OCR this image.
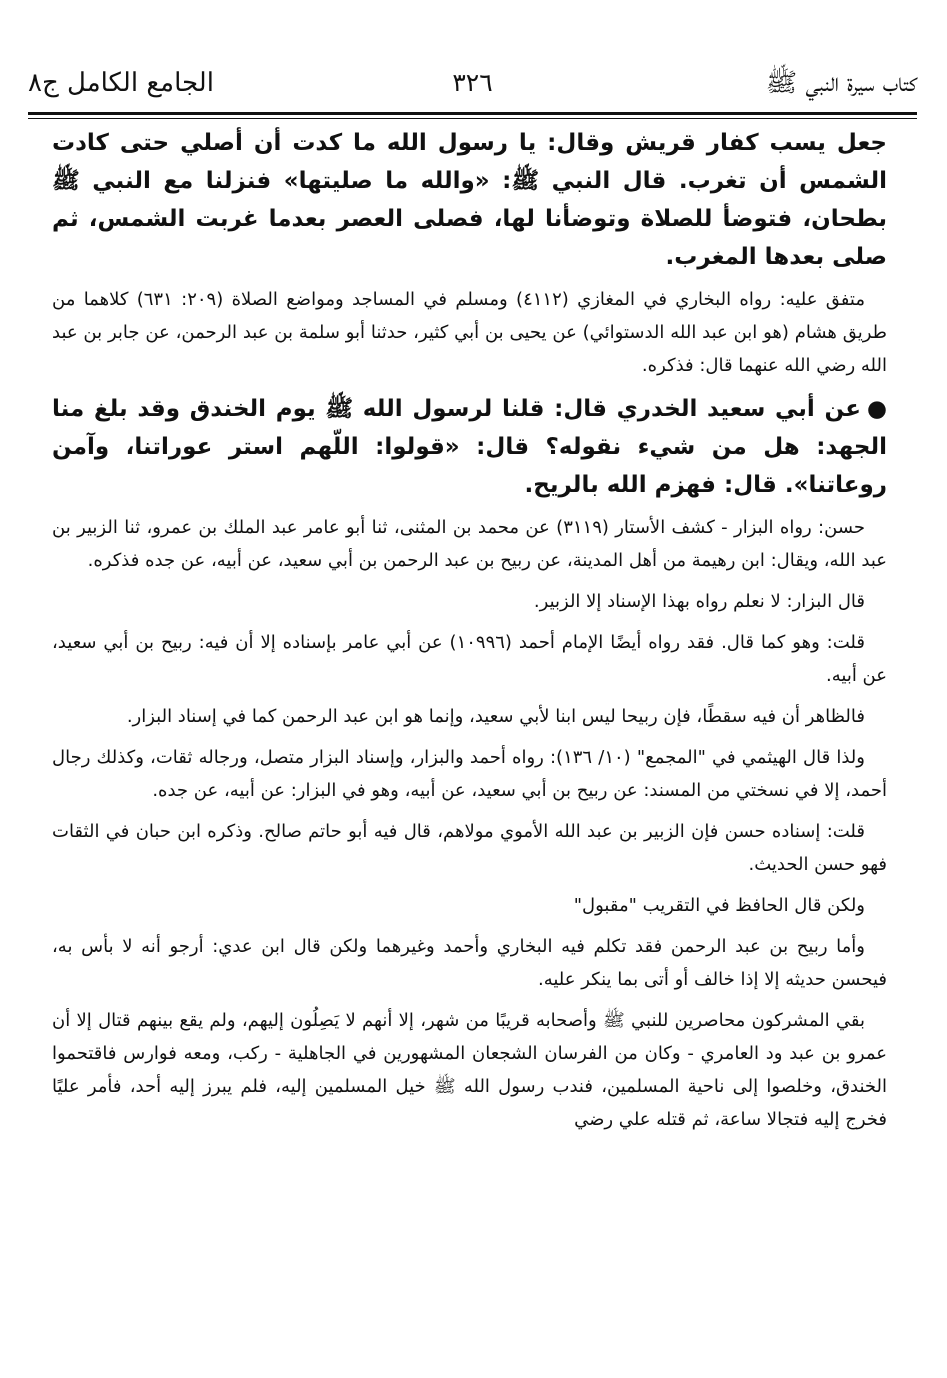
كتاب سيرة النبي ﷺ
٣٢٦
الجامع الكامل ج٨

جعل يسب كفار قريش وقال: يا رسول الله ما كدت أن أصلي حتى كادت الشمس أن تغرب. قال النبي ﷺ: «والله ما صليتها» فنزلنا مع النبي ﷺ بطحان، فتوضأ للصلاة وتوضأنا لها، فصلى العصر بعدما غربت الشمس، ثم صلى بعدها المغرب.

متفق عليه: رواه البخاري في المغازي (٤١١٢) ومسلم في المساجد ومواضع الصلاة (٢٠٩: ٦٣١) كلاهما من طريق هشام (هو ابن عبد الله الدستوائي) عن يحيى بن أبي كثير، حدثنا أبو سلمة بن عبد الرحمن، عن جابر بن عبد الله رضي الله عنهما قال: فذكره.

●عن أبي سعيد الخدري قال: قلنا لرسول الله ﷺ يوم الخندق وقد بلغ منا الجهد: هل من شيء نقوله؟ قال: «قولوا: اللّهم استر عوراتنا، وآمن روعاتنا». قال: فهزم الله بالريح.

حسن: رواه البزار - كشف الأستار (٣١١٩) عن محمد بن المثنى، ثنا أبو عامر عبد الملك بن عمرو، ثنا الزبير بن عبد الله، ويقال: ابن رهيمة من أهل المدينة، عن ربيح بن عبد الرحمن بن أبي سعيد، عن أبيه، عن جده فذكره.

قال البزار: لا نعلم رواه بهذا الإسناد إلا الزبير.

قلت: وهو كما قال. فقد رواه أيضًا الإمام أحمد (١٠٩٩٦) عن أبي عامر بإسناده إلا أن فيه: ربيح بن أبي سعيد، عن أبيه.

فالظاهر أن فيه سقطًا، فإن ربيحا ليس ابنا لأبي سعيد، وإنما هو ابن عبد الرحمن كما في إسناد البزار.

ولذا قال الهيثمي في "المجمع" (١٠/ ١٣٦): رواه أحمد والبزار، وإسناد البزار متصل، ورجاله ثقات، وكذلك رجال أحمد، إلا في نسختي من المسند: عن ربيح بن أبي سعيد، عن أبيه، وهو في البزار: عن أبيه، عن جده.

قلت: إسناده حسن فإن الزبير بن عبد الله الأموي مولاهم، قال فيه أبو حاتم صالح. وذكره ابن حبان في الثقات فهو حسن الحديث.

ولكن قال الحافظ في التقريب "مقبول"

وأما ربيح بن عبد الرحمن فقد تكلم فيه البخاري وأحمد وغيرهما ولكن قال ابن عدي: أرجو أنه لا بأس به، فيحسن حديثه إلا إذا خالف أو أتى بما ينكر عليه.

بقي المشركون محاصرين للنبي ﷺ وأصحابه قريبًا من شهر، إلا أنهم لا يَصِلُون إليهم، ولم يقع بينهم قتال إلا أن عمرو بن عبد ود العامري - وكان من الفرسان الشجعان المشهورين في الجاهلية - ركب، ومعه فوارس فاقتحموا الخندق، وخلصوا إلى ناحية المسلمين، فندب رسول الله ﷺ خيل المسلمين إليه، فلم يبرز إليه أحد، فأمر عليًا فخرج إليه فتجالا ساعة، ثم قتله علي رضي
